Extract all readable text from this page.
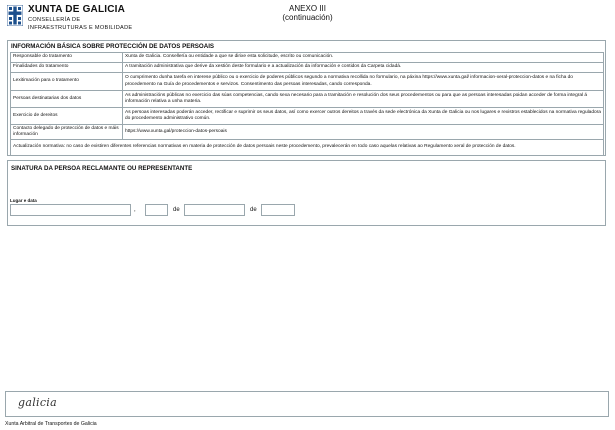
XUNTA DE GALICIA
CONSELLERÍA DE
INFRAESTRUTURAS E MOBILIDADE
ANEXO III
(continuación)
INFORMACIÓN BÁSICA SOBRE PROTECCIÓN DE DATOS PERSOAIS
Responsable do tratamento	Xunta de Galicia. Consellería ou entidade a que se dirixe esta solicitude, escrito ou comunicación.
Finalidades do tratamento	A tramitación administrativa que derive da xestión deste formulario e a actualización da información e contidos da Carpeta cidadá.
Lexitimación para o tratamento	O cumprimento dunha tarefa en interese público ou o exercicio de poderes públicos segundo a normativa recollida no formulario, na páxina https://www.xunta.gal/ informacion-xeral-proteccion-datos e na ficha do procedemento na Guía de procedementos e servizos. Consentimento das persoas interesadas, cando corresponda.
Persoas destinatarias dos datos	As administracións públicas no exercicio das súas competencias, cando sexa necesario para a tramitación e resolución dos seus procedementos ou para que as persoas interesadas poidan acceder de forma integral á información relativa a unha materia.
Exercicio de dereitos	As persoas interesadas poderán acceder, rectificar e suprimir os seus datos, así como exercer outros dereitos a través da sede electrónica da Xunta de Galicia ou nos lugares e rexistros establecidos na normativa reguladora do procedemento administrativo común.
Contacto delegado de protección de datos e máis información	https://www.xunta.gal/proteccion-datos-persoais
Actualización normativa: no caso de existiren diferentes referencias normativas en materia de protección de datos persoais neste procedemento, prevalecerán en todo caso aquelas relativas ao Regulamento xeral de protección de datos.	
SINATURA DA PERSOA RECLAMANTE OU REPRESENTANTE
Lugar e data
,	de	de
galicia
Xunta Arbitral de Transportes de Galicia
